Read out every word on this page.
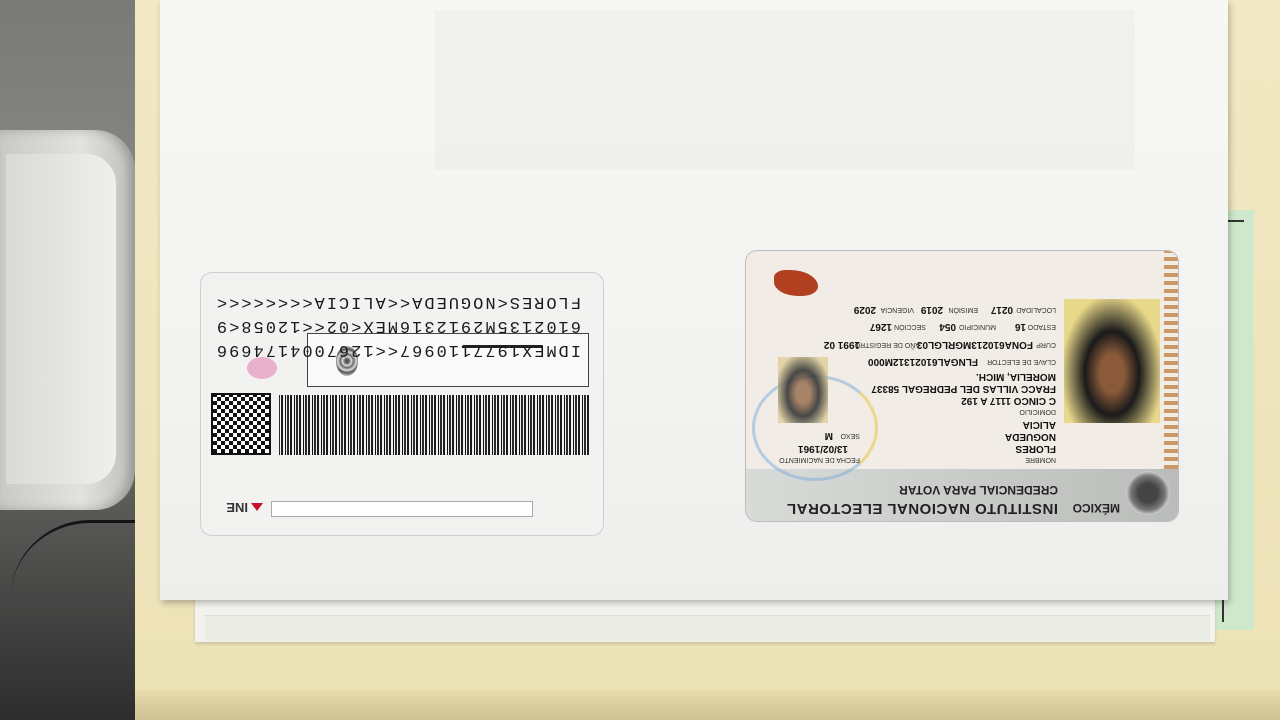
INE
IDMEX1977110967<<1267004174696
6102135M2912316MEX<02<<12058<9
FLORES<NOGUEDA<<ALICIA<<<<<<<<
MÉXICO
INSTITUTO NACIONAL ELECTORAL
CREDENCIAL PARA VOTAR
NOMBRE
FLORES
NOGUEDA
ALICIA
FECHA DE NACIMIENTO
13/02/1961
SEXO
M
DOMICILIO
C CINCO 1117 A 192
FRACC VILLAS DEL PEDREGAL 58337
MORELIA, MICH.
CLAVE DE ELECTOR
FLNGAL61021312M000
CURP
FONA610213MGRLGL03
AÑO DE REGISTRO
1991 02
ESTADO
16
MUNICIPIO
054
SECCIÓN
1267
LOCALIDAD
0217
EMISIÓN
2019
VIGENCIA
2029
